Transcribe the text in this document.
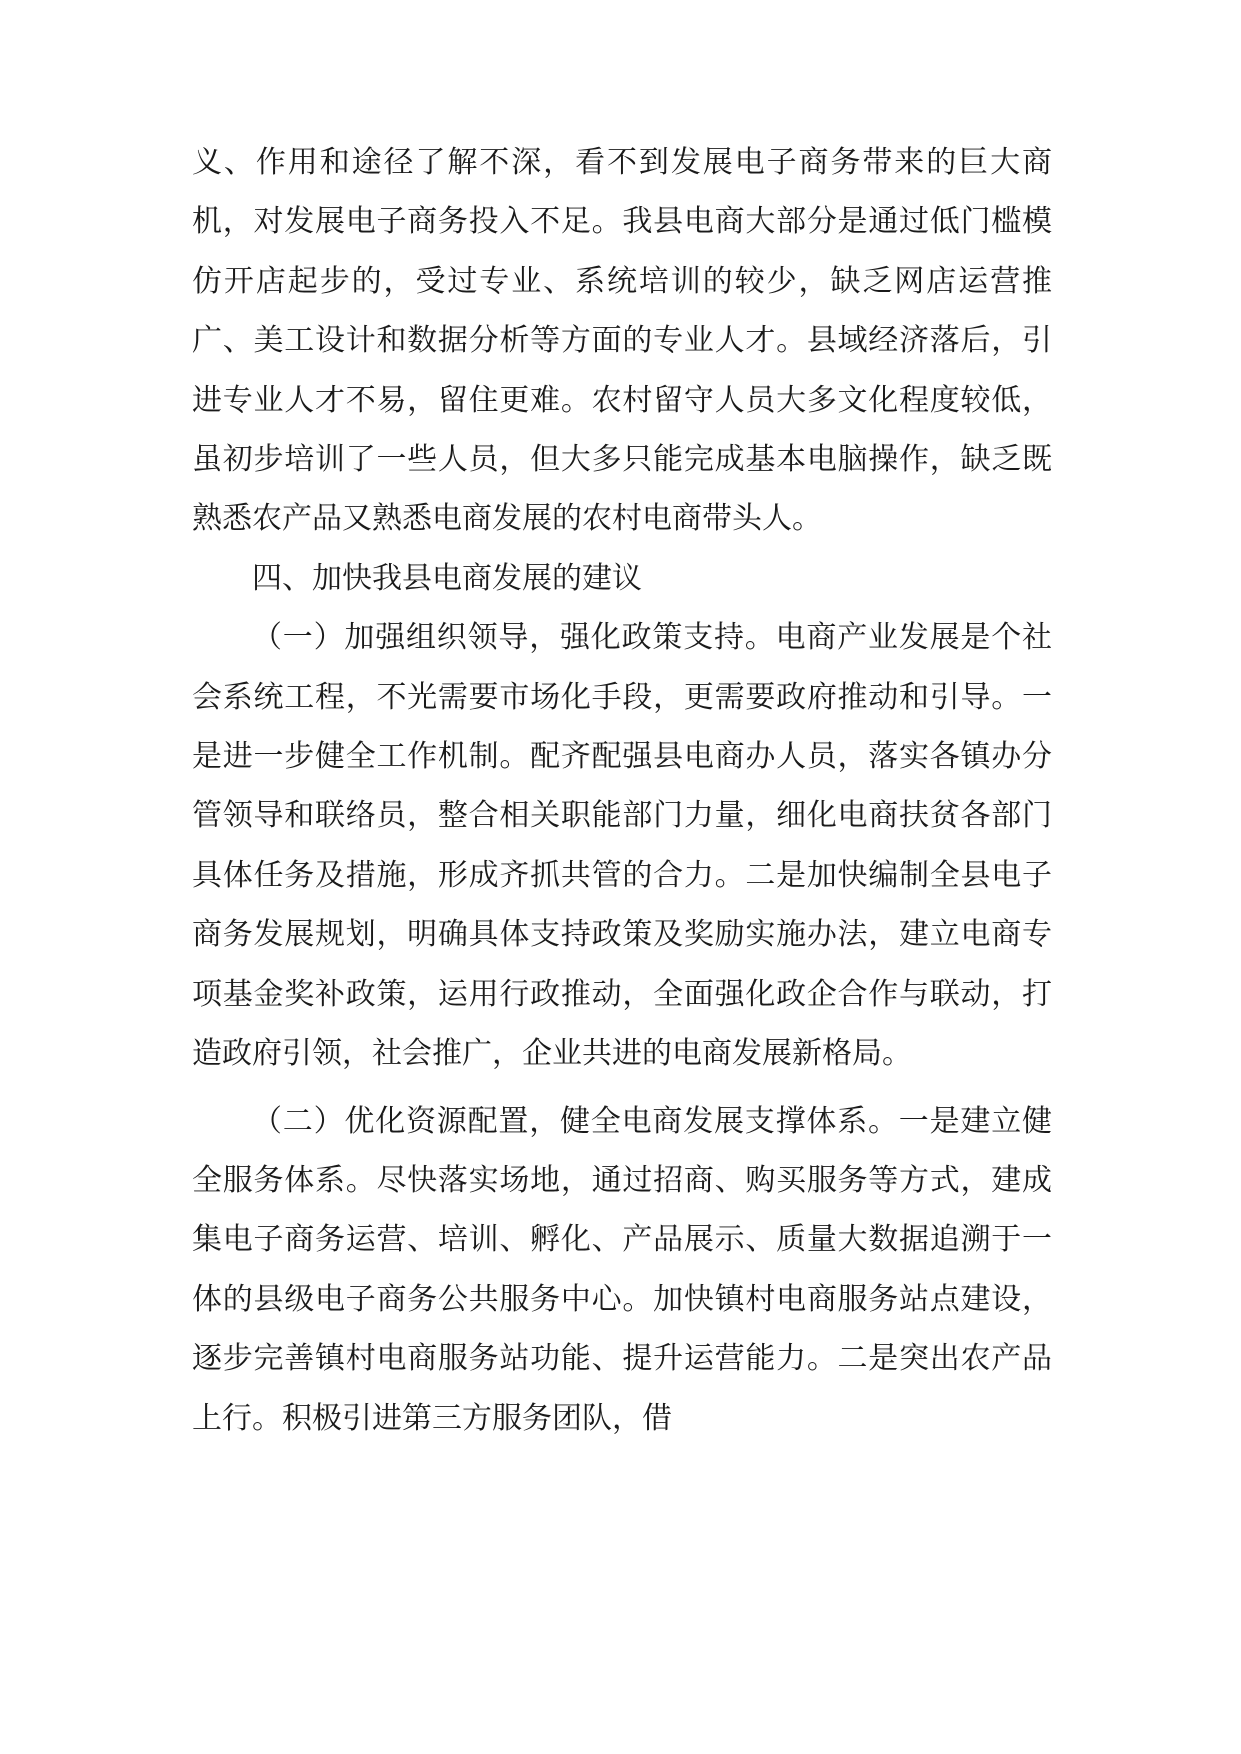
义、作用和途径了解不深，看不到发展电子商务带来的巨大商机，对发展电子商务投入不足。我县电商大部分是通过低门槛模仿开店起步的，受过专业、系统培训的较少，缺乏网店运营推广、美工设计和数据分析等方面的专业人才。县域经济落后，引进专业人才不易，留住更难。农村留守人员大多文化程度较低，虽初步培训了一些人员，但大多只能完成基本电脑操作，缺乏既熟悉农产品又熟悉电商发展的农村电商带头人。

四、加快我县电商发展的建议

（一）加强组织领导，强化政策支持。电商产业发展是个社会系统工程，不光需要市场化手段，更需要政府推动和引导。一是进一步健全工作机制。配齐配强县电商办人员，落实各镇办分管领导和联络员，整合相关职能部门力量，细化电商扶贫各部门具体任务及措施，形成齐抓共管的合力。二是加快编制全县电子商务发展规划，明确具体支持政策及奖励实施办法，建立电商专项基金奖补政策，运用行政推动，全面强化政企合作与联动，打造政府引领，社会推广，企业共进的电商发展新格局。

（二）优化资源配置，健全电商发展支撑体系。一是建立健全服务体系。尽快落实场地，通过招商、购买服务等方式，建成集电子商务运营、培训、孵化、产品展示、质量大数据追溯于一体的县级电子商务公共服务中心。加快镇村电商服务站点建设，逐步完善镇村电商服务站功能、提升运营能力。二是突出农产品上行。积极引进第三方服务团队，借
